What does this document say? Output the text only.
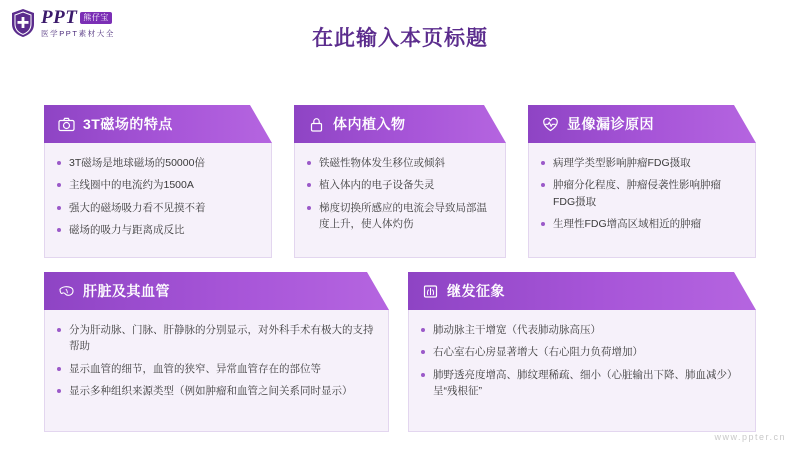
PPT 熊仔宝
医学PPT素材大全	在此输入本页标题
3T磁场的特点
3T磁场是地球磁场的50000倍
主线圈中的电流约为1500A
强大的磁场吸力看不见摸不着
磁场的吸力与距离成反比
体内植入物
铁磁性物体发生移位或倾斜
植入体内的电子设备失灵
梯度切换所感应的电流会导致局部温度上升，使人体灼伤
显像漏诊原因
病理学类型影响肿瘤FDG摄取
肿瘤分化程度、肿瘤侵袭性影响肿瘤FDG摄取
生理性FDG增高区域相近的肿瘤
肝脏及其血管
分为肝动脉、门脉、肝静脉的分别显示，对外科手术有极大的支持帮助
显示血管的细节，血管的狭窄、异常血管存在的部位等
显示多种组织来源类型（例如肿瘤和血管之间关系同时显示）
继发征象
肺动脉主干增宽（代表肺动脉高压）
右心室右心房显著增大（右心阻力负荷增加）
肺野透亮度增高、肺纹理稀疏、细小（心脏输出下降、肺血减少）呈“残根征”
www.ppter.cn
